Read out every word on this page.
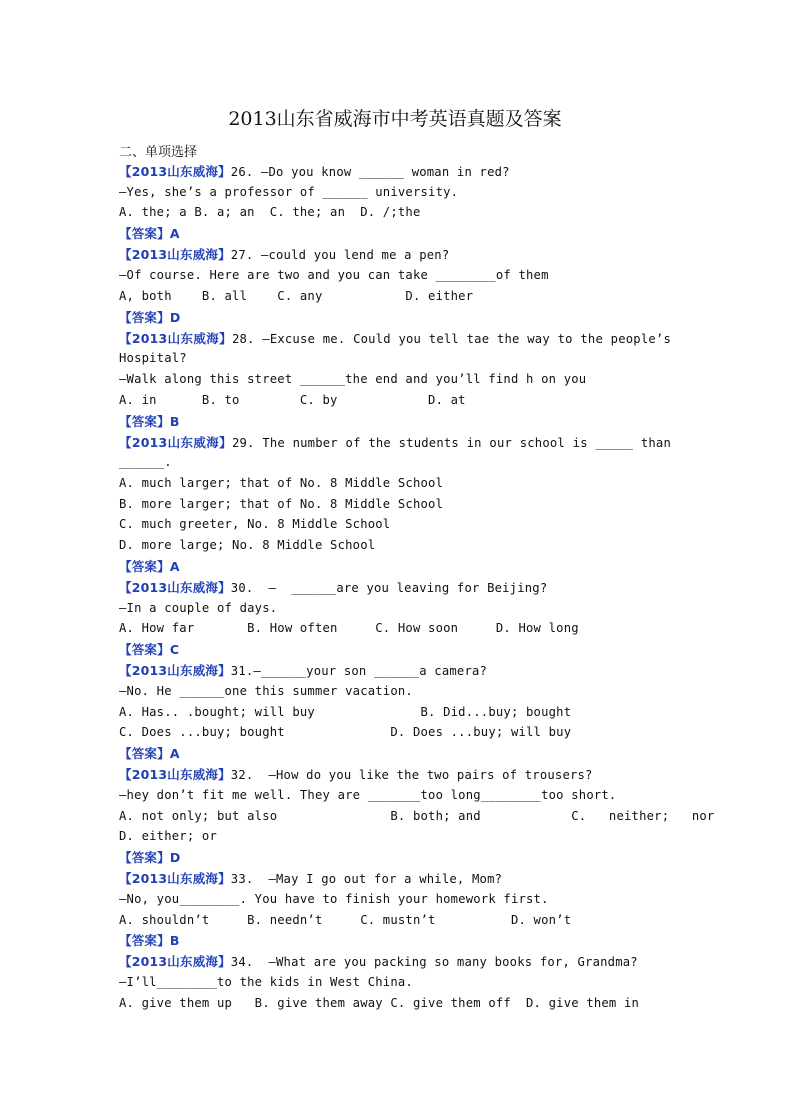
2013山东省威海市中考英语真题及答案
二、单项选择
【2013山东威海】26. —Do you know ______ woman in red?
—Yes, she’s a professor of ______ university.
A. the; a B. a; an  C. the; an  D. /;the
【答案】A
【2013山东威海】27. —could you lend me a pen?
—Of course. Here are two and you can take ________of them
A, both    B. all    C. any           D. either
【答案】D
【2013山东威海】28. —Excuse me. Could you tell tae the way to the people’s
Hospital?
—Walk along this street ______the end and you’ll find h on you
A. in      B. to        C. by            D. at
【答案】B
【2013山东威海】29. The number of the students in our school is _____ than
______.
A. much larger; that of No. 8 Middle School
B. more larger; that of No. 8 Middle School
C. much greeter, No. 8 Middle School
D. more large; No. 8 Middle School
【答案】A
【2013山东威海】30.  —  ______are you leaving for Beijing?
—In a couple of days.
A. How far       B. How often     C. How soon     D. How long
【答案】C
【2013山东威海】31.—______your son ______a camera?
—No. He ______one this summer vacation.
A. Has.. .bought; will buy              B. Did...buy; bought
C. Does ...buy; bought              D. Does ...buy; will buy
【答案】A
【2013山东威海】32.  —How do you like the two pairs of trousers?
—hey don’t fit me well. They are _______too long________too short.
A. not only; but also               B. both; and            C.   neither;   nor
D. either; or
【答案】D
【2013山东威海】33.  —May I go out for a while, Mom?
—No, you________. You have to finish your homework first.
A. shouldn’t     B. needn’t     C. mustn’t          D. won’t
【答案】B
【2013山东威海】34.  —What are you packing so many books for, Grandma?
—I’ll________to the kids in West China.
A. give them up   B. give them away C. give them off  D. give them in
